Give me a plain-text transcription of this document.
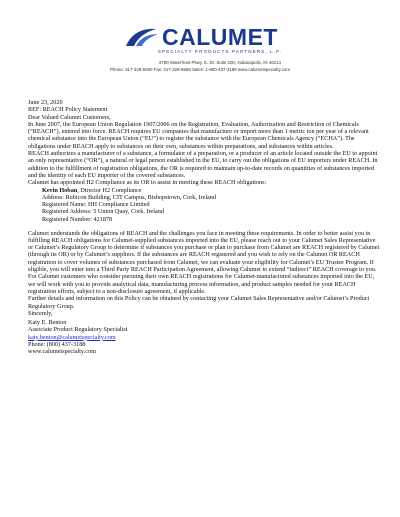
CALUMET
SPECIALTY PRODUCTS PARTNERS, L.P.
2780 Waterfront Pkwy. E. Dr. Suite 200, Indianapolis, IN 46214
Phone: 317-328-5660 Fax: 317-328-5668 Sales: 1-800-437-3188 www.calumetspecialty.com

June 23, 2020

REF: REACH Policy Statement

Dear Valued Calumet Customers,

In June 2007, the European Union Regulation 1907/2006 on the Registration, Evaluation, Authorization and Restriction of Chemicals (“REACH”), entered into force. REACH requires EU companies that manufacture or import more than 1 metric ton per year of a relevant chemical substance into the European Union (“EU”) to register the substance with the European Chemicals Agency (“ECHA”). The obligations under REACH apply to substances on their own, substances within preparations, and substances within articles.

REACH authorizes a manufacturer of a substance, a formulator of a preparation, or a producer of an article located outside the EU to appoint an only representative (“OR”), a natural or legal person established in the EU, to carry out the obligations of EU importers under REACH. In addition to the fulfillment of registration obligations, the OR is required to maintain up-to-date records on quantities of substances imported and the identity of each EU importer of the covered substances.

Calumet has appointed H2 Compliance as its OR to assist in meeting these REACH obligations:

Kevin Hoban, Director H2 Compliance

Address: Rubicon Building, CIT Campus, Bishopstown, Cork, Ireland

Registered Name: HH Compliance Limited

Registered Address: 5 Union Quay, Cork. Ireland

Registered Number: 421878

Calumet understands the obligations of REACH and the challenges you face in meeting these requirements. In order to better assist you in fulfilling REACH obligations for Calumet-supplied substances imported into the EU, please reach out to your Calumet Sales Representative or Calumet’s Regulatory Group to determine if substances you purchase or plan to purchase from Calumet are REACH registered by Calumet (through its OR) or by Calumet’s suppliers. If the substances are REACH registered and you wish to rely on the Calumet OR REACH registration to cover volumes of substances purchased from Calumet, we can evaluate your eligibility for Calumet’s EU Trustee Program. If eligible, you will enter into a Third Party REACH Participation Agreement, allowing Calumet to extend “indirect” REACH coverage to you.

For Calumet customers who consider pursuing their own REACH registrations for Calumet-manufactured substances imported into the EU, we will work with you to provide analytical data, manufacturing process information, and product samples needed for your REACH registration efforts, subject to a non-disclosure agreement, if applicable.

Further details and information on this Policy can be obtained by contacting your Calumet Sales Representative and/or Calumet’s Product Regulatory Group.

Sincerely,

Katy E. Benton

Associate Product Regulatory Specialist

katy.benton@calumetspecialty.com

Phone: (800) 437-3188

www.calumetspecialty.com
